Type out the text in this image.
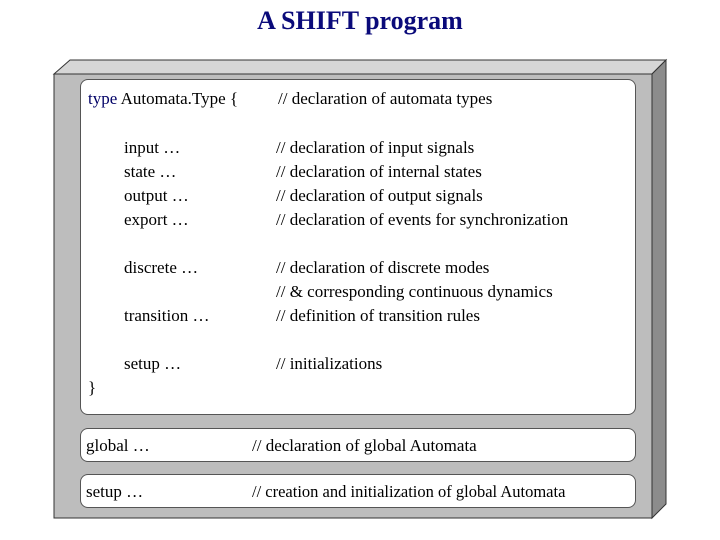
A SHIFT program
type Automata.Type { // declaration of automata types
input …	// declaration of input signals
state …	// declaration of internal states
output …	// declaration of output signals
export …	// declaration of events for synchronization
discrete …	// declaration of discrete modes
// & corresponding continuous dynamics
transition …	// definition of transition rules
setup …	// initializations
}
global …	// declaration of global Automata
setup …	// creation and initialization of global Automata
